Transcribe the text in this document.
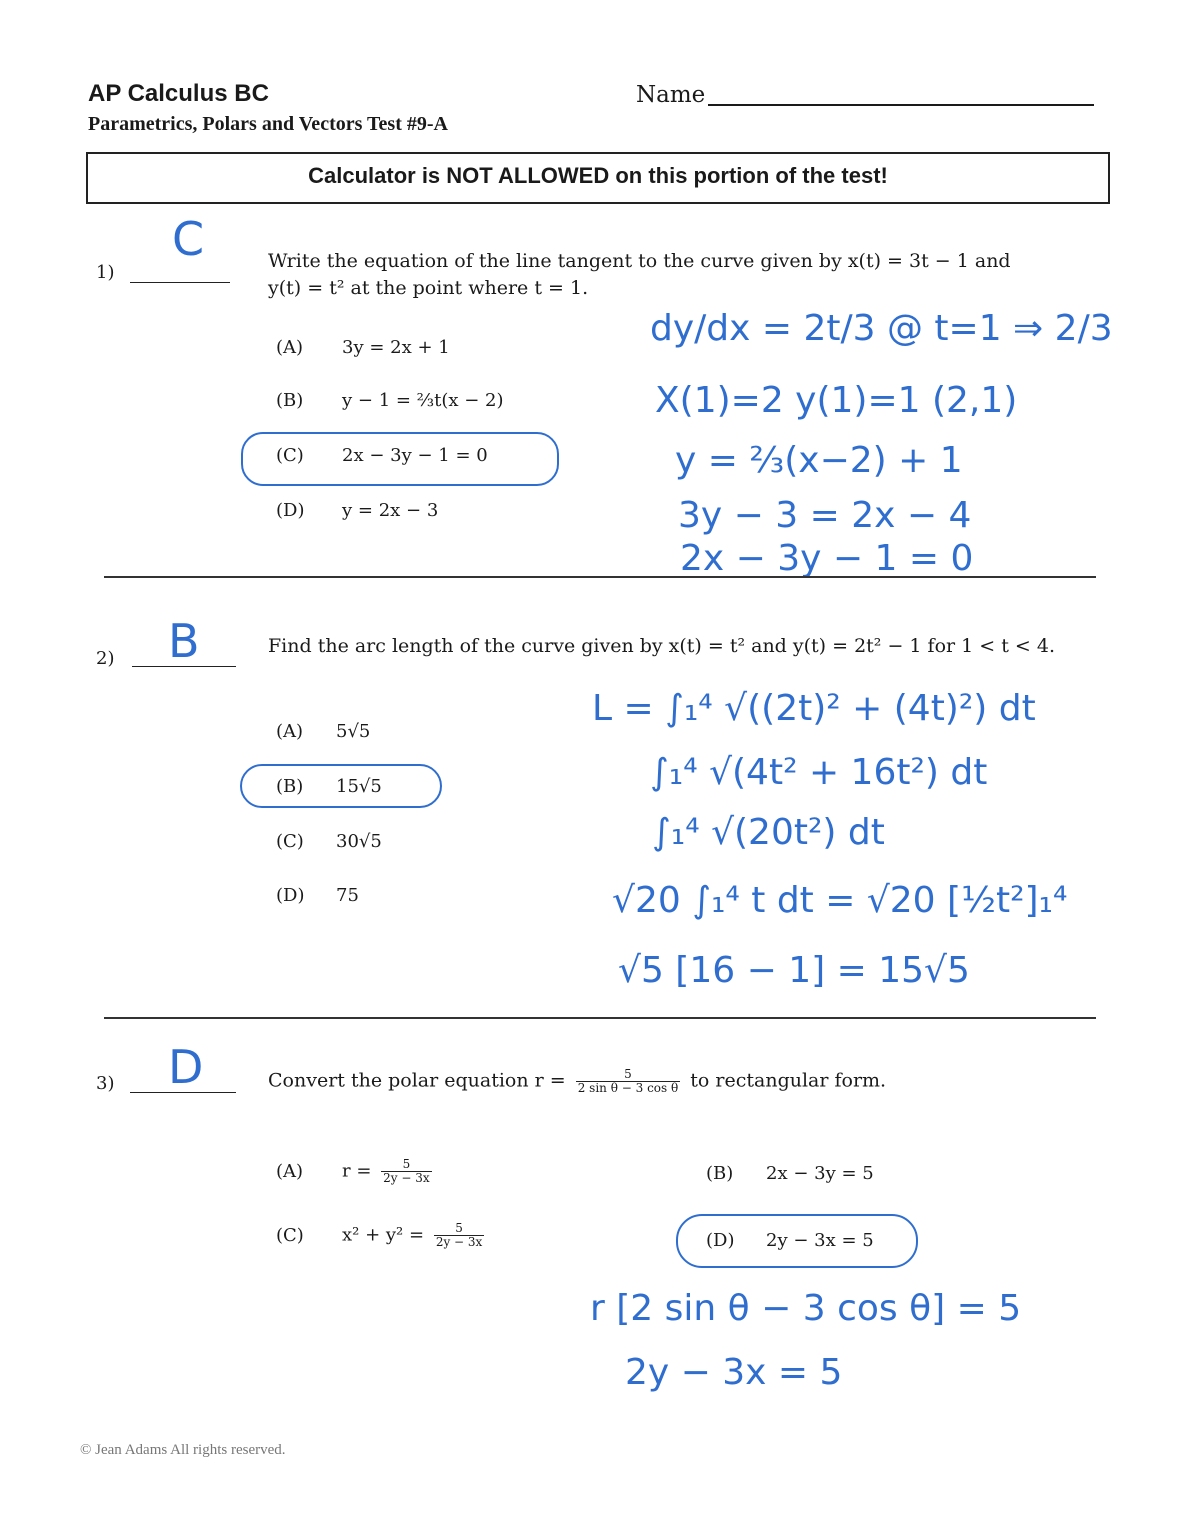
AP Calculus BC
Parametrics, Polars and Vectors Test #9-A
Name
Calculator is NOT ALLOWED on this portion of the test!
1)
C	Write the equation of the line tangent to the curve given by x(t) = 3t − 1 and
y(t) = t² at the point where t = 1.
(A) 3y = 2x + 1
(B) y − 1 = ⅔t(x − 2)
(C) 2x − 3y − 1 = 0
(D) y = 2x − 3
dy/dx = 2t/3 @ t=1 ⇒ 2/3
X(1)=2 y(1)=1 (2,1)
y = ⅔(x−2) + 1
3y − 3 = 2x − 4
2x − 3y − 1 = 0
2) B	Find the arc length of the curve given by x(t) = t² and y(t) = 2t² − 1 for 1 < t < 4.
(A) 5√5
(B) 15√5
(C) 30√5
(D) 75
L = ∫₁⁴ √((2t)² + (4t)²) dt
∫₁⁴ √(4t² + 16t²) dt
∫₁⁴ √(20t²) dt
√20 ∫₁⁴ t dt = √20 [½t²]₁⁴
√5 [16 − 1] = 15√5
3) D	Convert the polar equation $r = \frac{5}{\text{2 sin θ − 3 cos θ}}$ to rectangular form.
(A) $r = \frac{5}{2y - 3x}$	(B) 2x − 3y = 5
(C) $x^2 + y^2 = \frac{5}{2y - 3x}$	(D) 2y − 3x = 5
r [2 sin θ − 3 cos θ] = 5
2y − 3x = 5
© Jean Adams All rights reserved.
